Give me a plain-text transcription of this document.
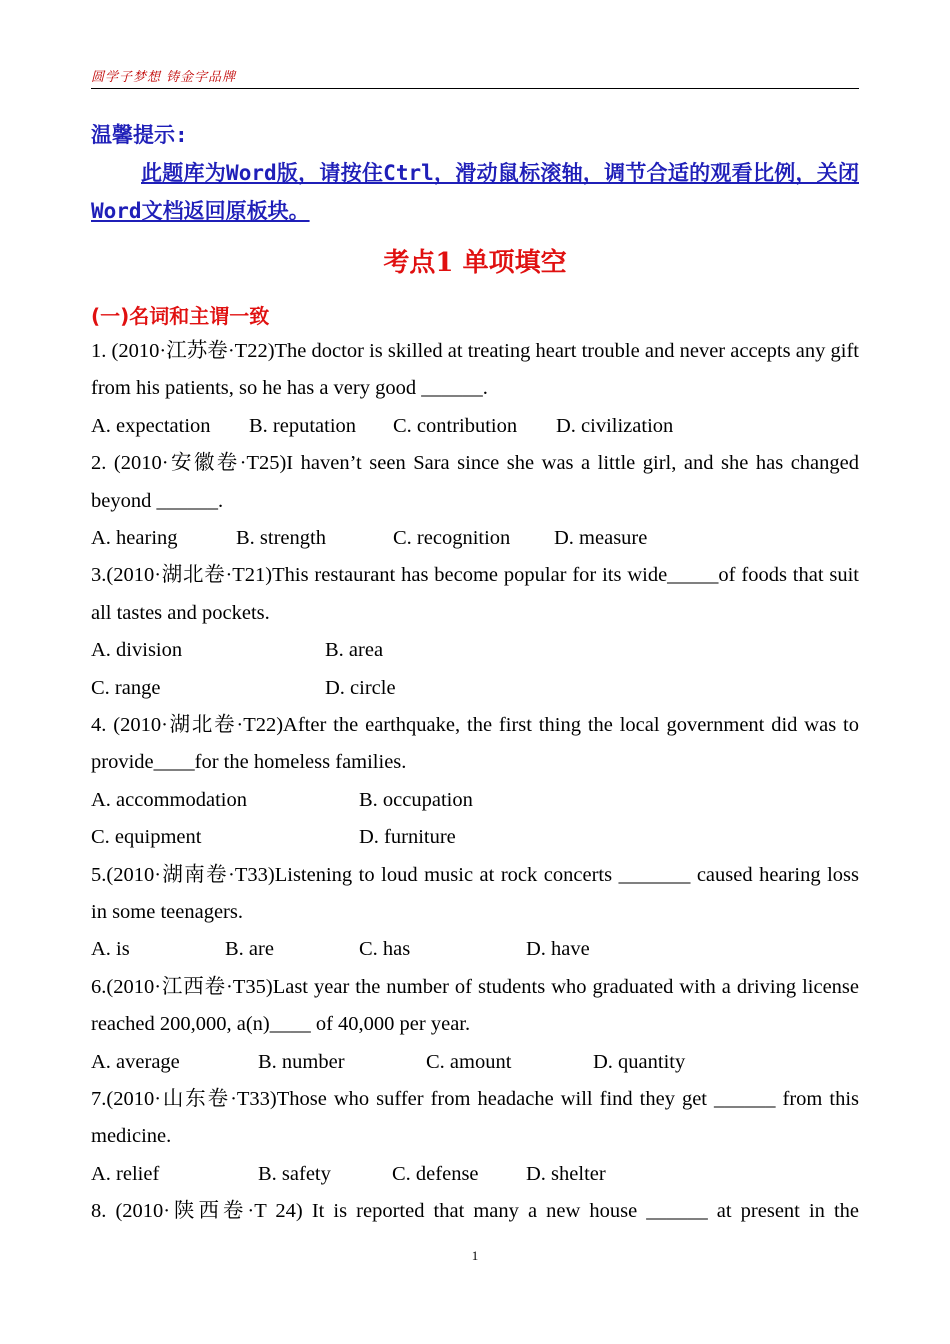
圆学子梦想 铸金字品牌
温馨提示:
此题库为Word版，请按住Ctrl，滑动鼠标滚轴，调节合适的观看比例，关闭Word文档返回原板块。
考点1 单项填空
(一)名词和主谓一致

1. (2010·江苏卷·T22)The doctor is skilled at treating heart trouble and never accepts any gift from his patients, so he has a very good ______.

A. expectation	B. reputation	C. contribution	D. civilization

2. (2010·安徽卷·T25)I haven’t seen Sara since she was a little girl, and she has changed beyond ______.

A. hearing	B. strength	C. recognition	D. measure

3.(2010·湖北卷·T21)This restaurant has become popular for its wide_____of foods that suit all tastes and pockets.

A. division	B. area
C. range	D. circle

4. (2010·湖北卷·T22)After the earthquake, the first thing the local government did was to provide____for the homeless families.

A. accommodation	B. occupation
C. equipment	D. furniture

5.(2010·湖南卷·T33)Listening to loud music at rock concerts _______ caused hearing loss in some teenagers.

A. is	B. are	C. has	D. have

6.(2010·江西卷·T35)Last year the number of students who graduated with a driving license reached 200,000, a(n)____ of 40,000 per year.

A. average	B. number	C. amount	D. quantity

7.(2010·山东卷·T33)Those who suffer from headache will find they get ______ from this medicine.

A. relief	B. safety	C. defense	D. shelter

8. (2010·陕西卷·T 24) It is reported that many a new house ______ at present in the

1
